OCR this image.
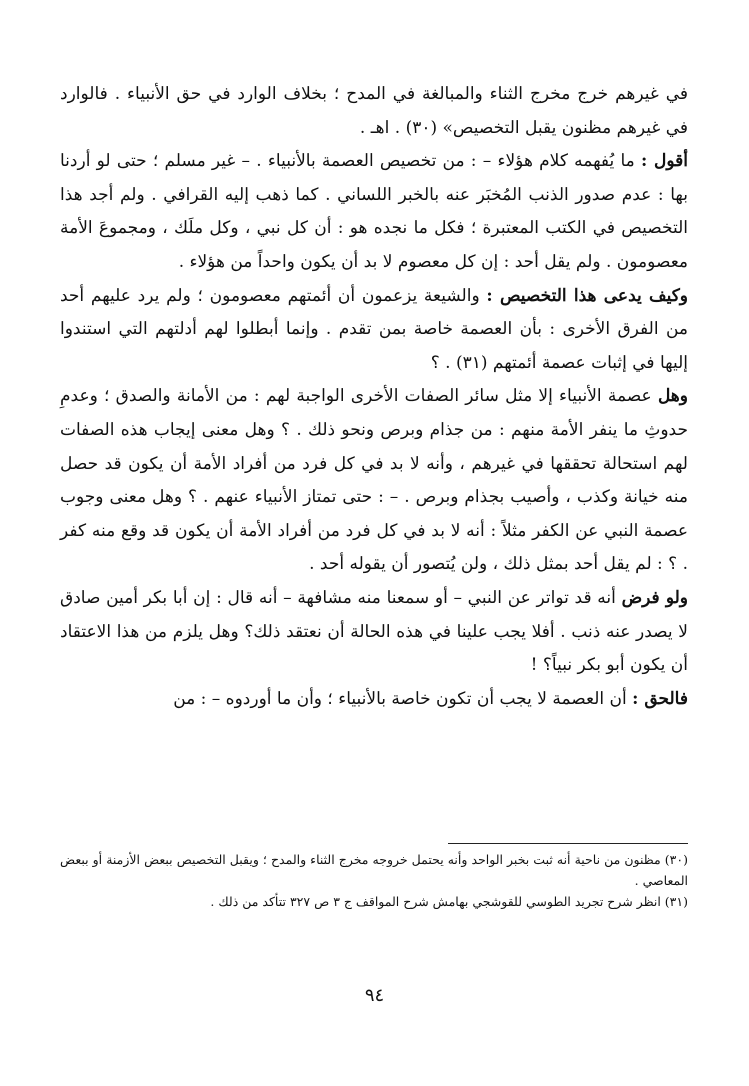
في غيرهم خرج مخرج الثناء والمبالغة في المدح ؛ بخلاف الوارد في حق الأنبياء . فالوارد في غيرهم مظنون يقبل التخصيص» (٣٠) . اهـ .

أقول : ما يُفهمه كلام هؤلاء – : من تخصيص العصمة بالأنبياء . – غير مسلم ؛ حتى لو أردنا بها : عدم صدور الذنب المُخبَر عنه بالخبر اللساني . كما ذهب إليه القرافي . ولم أجد هذا التخصيص في الكتب المعتبرة ؛ فكل ما نجده هو : أن كل نبي ، وكل ملَك ، ومجموعَ الأمة معصومون . ولم يقل أحد : إن كل معصوم لا بد أن يكون واحداً من هؤلاء .

وكيف يدعى هذا التخصيص : والشيعة يزعمون أن أئمتهم معصومون ؛ ولم يرد عليهم أحد من الفرق الأخرى : بأن العصمة خاصة بمن تقدم . وإنما أبطلوا لهم أدلتهم التي استندوا إليها في إثبات عصمة أئمتهم (٣١) . ؟

وهل عصمة الأنبياء إلا مثل سائر الصفات الأخرى الواجبة لهم : من الأمانة والصدق ؛ وعدمِ حدوثِ ما ينفر الأمة منهم : من جذام وبرص ونحو ذلك . ؟ وهل معنى إيجاب هذه الصفات لهم استحالة تحققها في غيرهم ، وأنه لا بد في كل فرد من أفراد الأمة أن يكون قد حصل منه خيانة وكذب ، وأصيب بجذام وبرص . – : حتى تمتاز الأنبياء عنهم . ؟ وهل معنى وجوب عصمة النبي عن الكفر مثلاً : أنه لا بد في كل فرد من أفراد الأمة أن يكون قد وقع منه كفر . ؟ : لم يقل أحد بمثل ذلك ، ولن يُتصور أن يقوله أحد .

ولو فرض أنه قد تواتر عن النبي – أو سمعنا منه مشافهة – أنه قال : إن أبا بكر أمين صادق لا يصدر عنه ذنب . أفلا يجب علينا في هذه الحالة أن نعتقد ذلك؟ وهل يلزم من هذا الاعتقاد أن يكون أبو بكر نبياً؟ !

فالحق : أن العصمة لا يجب أن تكون خاصة بالأنبياء ؛ وأن ما أوردوه – : من

(٣٠) مظنون من ناحية أنه ثبت بخبر الواحد وأنه يحتمل خروجه مخرج الثناء والمدح ؛ ويقبل التخصيص ببعض الأزمنة أو ببعض المعاصي .

(٣١) انظر شرح تجريد الطوسي للقوشجي بهامش شرح المواقف ج ٣ ص ٣٢٧ تتأكد من ذلك .

٩٤
